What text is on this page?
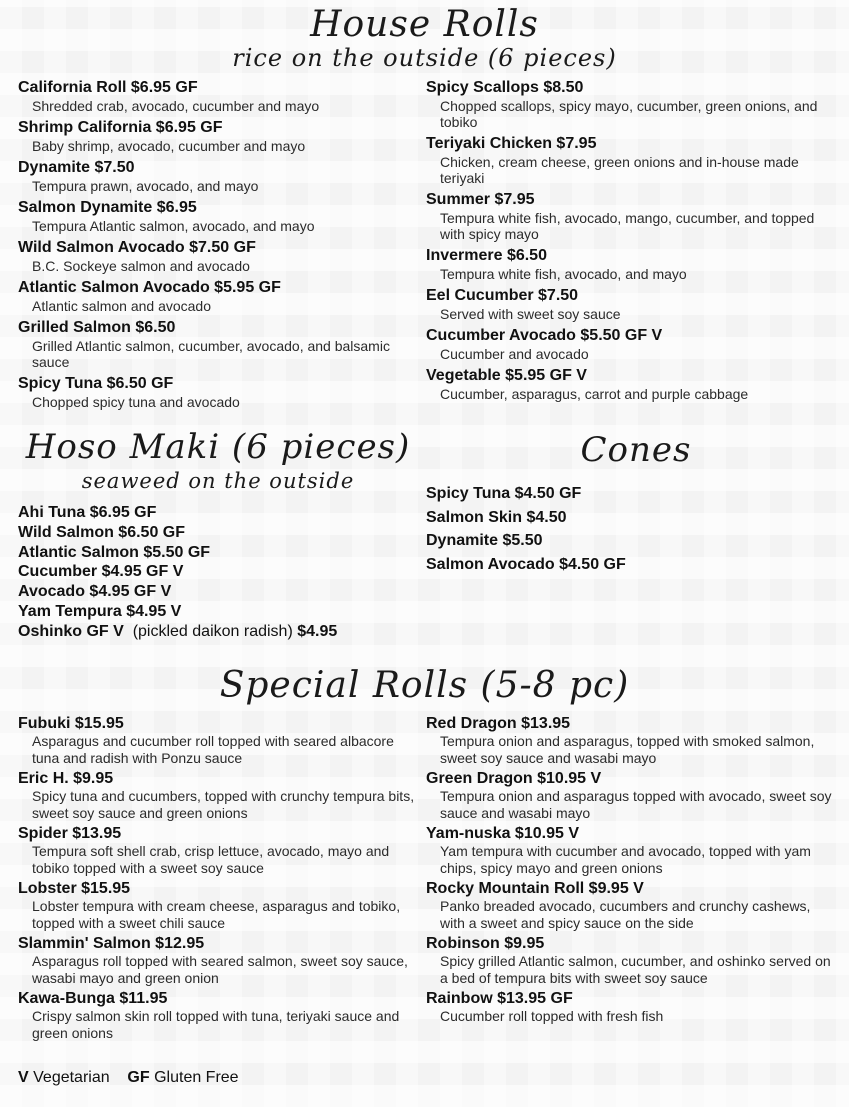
House Rolls
rice on the outside (6 pieces)
California Roll $6.95 GF
Shredded crab, avocado, cucumber and mayo
Shrimp California $6.95 GF
Baby shrimp, avocado, cucumber and mayo
Dynamite $7.50
Tempura prawn, avocado, and mayo
Salmon Dynamite $6.95
Tempura Atlantic salmon, avocado, and mayo
Wild Salmon Avocado $7.50 GF
B.C. Sockeye salmon and avocado
Atlantic Salmon Avocado $5.95 GF
Atlantic salmon and avocado
Grilled Salmon $6.50
Grilled Atlantic salmon, cucumber, avocado, and balsamic sauce
Spicy Tuna $6.50 GF
Chopped spicy tuna and avocado
Spicy Scallops $8.50
Chopped scallops, spicy mayo, cucumber, green onions, and tobiko
Teriyaki Chicken $7.95
Chicken, cream cheese, green onions and in-house made teriyaki
Summer $7.95
Tempura white fish, avocado, mango, cucumber, and topped with spicy mayo
Invermere $6.50
Tempura white fish, avocado, and mayo
Eel Cucumber $7.50
Served with sweet soy sauce
Cucumber Avocado $5.50 GF V
Cucumber and avocado
Vegetable $5.95 GF V
Cucumber, asparagus, carrot and purple cabbage
Hoso Maki (6 pieces)
seaweed on the outside
Ahi Tuna $6.95 GF
Wild Salmon $6.50 GF
Atlantic Salmon $5.50 GF
Cucumber $4.95 GF V
Avocado $4.95 GF V
Yam Tempura $4.95 V
Oshinko GF V (pickled daikon radish) $4.95
Cones
Spicy Tuna $4.50 GF
Salmon Skin $4.50
Dynamite $5.50
Salmon Avocado $4.50 GF
Special Rolls (5-8 pc)
Fubuki $15.95
Asparagus and cucumber roll topped with seared albacore tuna and radish with Ponzu sauce
Eric H. $9.95
Spicy tuna and cucumbers, topped with crunchy tempura bits, sweet soy sauce and green onions
Spider $13.95
Tempura soft shell crab, crisp lettuce, avocado, mayo and tobiko topped with a sweet soy sauce
Lobster $15.95
Lobster tempura with cream cheese, asparagus and tobiko, topped with a sweet chili sauce
Slammin' Salmon $12.95
Asparagus roll topped with seared salmon, sweet soy sauce, wasabi mayo and green onion
Kawa-Bunga $11.95
Crispy salmon skin roll topped with tuna, teriyaki sauce and green onions
Red Dragon $13.95
Tempura onion and asparagus, topped with smoked salmon, sweet soy sauce and wasabi mayo
Green Dragon $10.95 V
Tempura onion and asparagus topped with avocado, sweet soy sauce and wasabi mayo
Yam-nuska $10.95 V
Yam tempura with cucumber and avocado, topped with yam chips, spicy mayo and green onions
Rocky Mountain Roll $9.95 V
Panko breaded avocado, cucumbers and crunchy cashews, with a sweet and spicy sauce on the side
Robinson $9.95
Spicy grilled Atlantic salmon, cucumber, and oshinko served on a bed of tempura bits with sweet soy sauce
Rainbow $13.95 GF
Cucumber roll topped with fresh fish
V Vegetarian GF Gluten Free
